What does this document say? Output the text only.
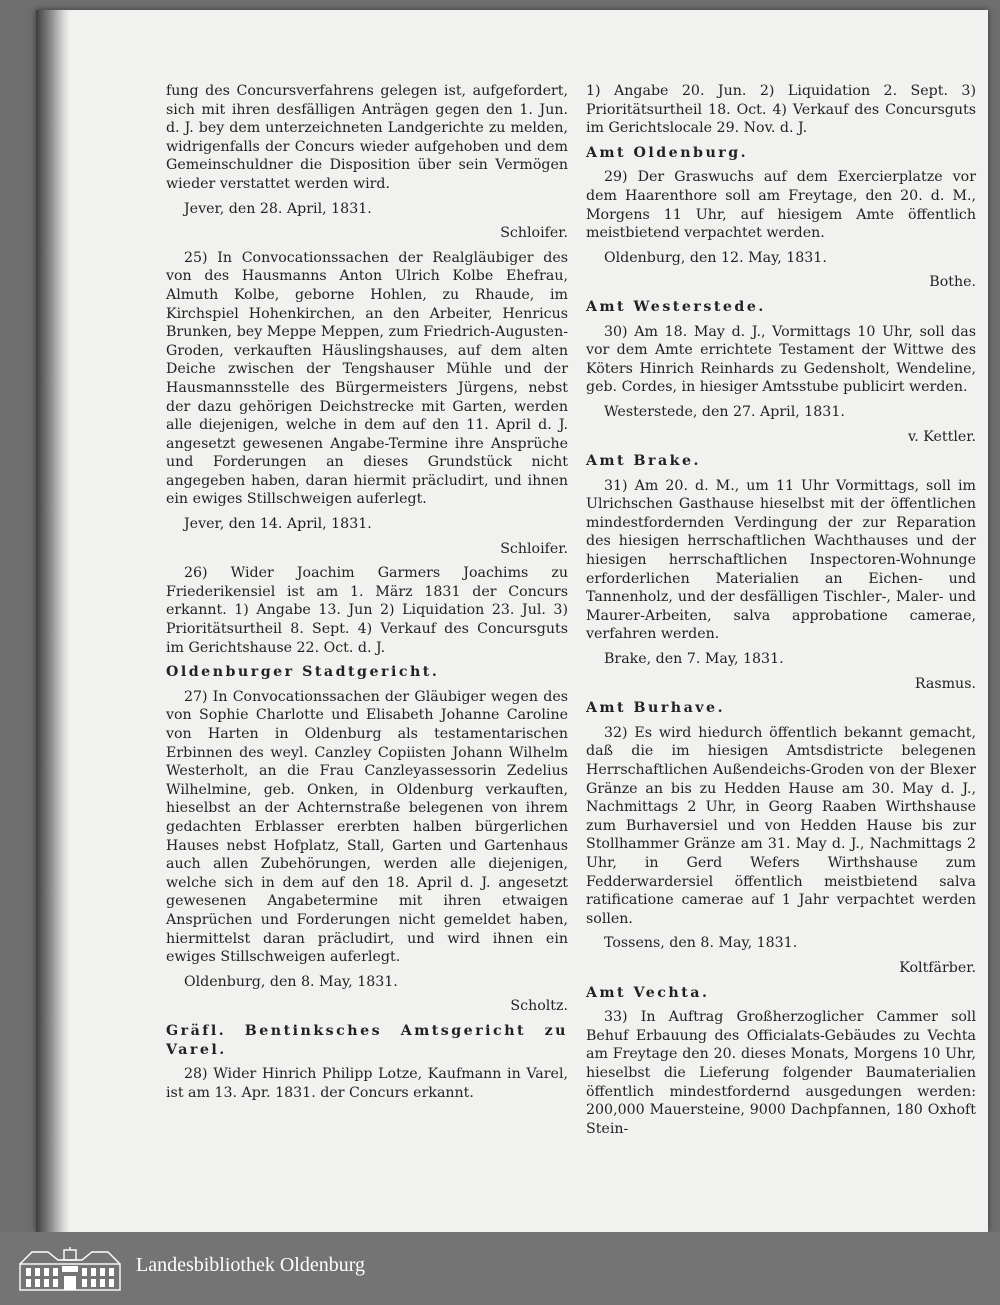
fung des Concursverfahrens gelegen ist, aufgefordert, sich mit ihren desfälligen Anträgen gegen den 1. Jun. d. J. bey dem unterzeichneten Landgerichte zu melden, widrigenfalls der Concurs wieder aufgehoben und dem Gemeinschuldner die Disposition über sein Vermögen wieder verstattet werden wird.

Jever, den 28. April, 1831.

Schloifer.

25) In Convocationssachen der Realgläubiger des von des Hausmanns Anton Ulrich Kolbe Ehefrau, Almuth Kolbe, geborne Hohlen, zu Rhaude, im Kirchspiel Hohenkirchen, an den Arbeiter, Henricus Brunken, bey Meppe Meppen, zum Friedrich-Augusten-Groden, verkauften Häuslingshauses, auf dem alten Deiche zwischen der Tengshauser Mühle und der Hausmannsstelle des Bürgermeisters Jürgens, nebst der dazu gehörigen Deichstrecke mit Garten, werden alle diejenigen, welche in dem auf den 11. April d. J. angesetzt gewesenen Angabe-Termine ihre Ansprüche und Forderungen an dieses Grundstück nicht angegeben haben, daran hiermit präcludirt, und ihnen ein ewiges Stillschweigen auferlegt.

Jever, den 14. April, 1831.

Schloifer.

26) Wider Joachim Garmers Joachims zu Friederikensiel ist am 1. März 1831 der Concurs erkannt. 1) Angabe 13. Jun 2) Liquidation 23. Jul. 3) Prioritätsurtheil 8. Sept. 4) Verkauf des Concursguts im Gerichtshause 22. Oct. d. J.

Oldenburger Stadtgericht.

27) In Convocationssachen der Gläubiger wegen des von Sophie Charlotte und Elisabeth Johanne Caroline von Harten in Oldenburg als testamentarischen Erbinnen des weyl. Canzley Copiisten Johann Wilhelm Westerholt, an die Frau Canzleyassessorin Zedelius Wilhelmine, geb. Onken, in Oldenburg verkauften, hieselbst an der Achternstraße belegenen von ihrem gedachten Erblasser ererbten halben bürgerlichen Hauses nebst Hofplatz, Stall, Garten und Gartenhaus auch allen Zubehörungen, werden alle diejenigen, welche sich in dem auf den 18. April d. J. angesetzt gewesenen Angabetermine mit ihren etwaigen Ansprüchen und Forderungen nicht gemeldet haben, hiermittelst daran präcludirt, und wird ihnen ein ewiges Stillschweigen auferlegt.

Oldenburg, den 8. May, 1831.

Scholtz.

Gräfl. Bentinksches Amtsgericht zu Varel.

28) Wider Hinrich Philipp Lotze, Kaufmann in Varel, ist am 13. Apr. 1831. der Concurs erkannt.

1) Angabe 20. Jun. 2) Liquidation 2. Sept. 3) Prioritätsurtheil 18. Oct. 4) Verkauf des Concursguts im Gerichtslocale 29. Nov. d. J.

Amt Oldenburg.

29) Der Graswuchs auf dem Exercierplatze vor dem Haarenthore soll am Freytage, den 20. d. M., Morgens 11 Uhr, auf hiesigem Amte öffentlich meistbietend verpachtet werden.

Oldenburg, den 12. May, 1831.

Bothe.

Amt Westerstede.

30) Am 18. May d. J., Vormittags 10 Uhr, soll das vor dem Amte errichtete Testament der Wittwe des Köters Hinrich Reinhards zu Gedensholt, Wendeline, geb. Cordes, in hiesiger Amtsstube publicirt werden.

Westerstede, den 27. April, 1831.

v. Kettler.

Amt Brake.

31) Am 20. d. M., um 11 Uhr Vormittags, soll im Ulrichschen Gasthause hieselbst mit der öffentlichen mindestfordernden Verdingung der zur Reparation des hiesigen herrschaftlichen Wachthauses und der hiesigen herrschaftlichen Inspectoren-Wohnunge erforderlichen Materialien an Eichen- und Tannenholz, und der desfälligen Tischler-, Maler- und Maurer-Arbeiten, salva approbatione camerae, verfahren werden.

Brake, den 7. May, 1831.

Rasmus.

Amt Burhave.

32) Es wird hiedurch öffentlich bekannt gemacht, daß die im hiesigen Amtsdistricte belegenen Herrschaftlichen Außendeichs-Groden von der Blexer Gränze an bis zu Hedden Hause am 30. May d. J., Nachmittags 2 Uhr, in Georg Raaben Wirthshause zum Burhaversiel und von Hedden Hause bis zur Stollhammer Gränze am 31. May d. J., Nachmittags 2 Uhr, in Gerd Wefers Wirthshause zum Fedderwardersiel öffentlich meistbietend salva ratificatione camerae auf 1 Jahr verpachtet werden sollen.

Tossens, den 8. May, 1831.

Koltfärber.

Amt Vechta.

33) In Auftrag Großherzoglicher Cammer soll Behuf Erbauung des Officialats-Gebäudes zu Vechta am Freytage den 20. dieses Monats, Morgens 10 Uhr, hieselbst die Lieferung folgender Baumaterialien öffentlich mindestfordernd ausgedungen werden: 200,000 Mauersteine, 9000 Dachpfannen, 180 Oxhoft Stein-

Landesbibliothek Oldenburg
